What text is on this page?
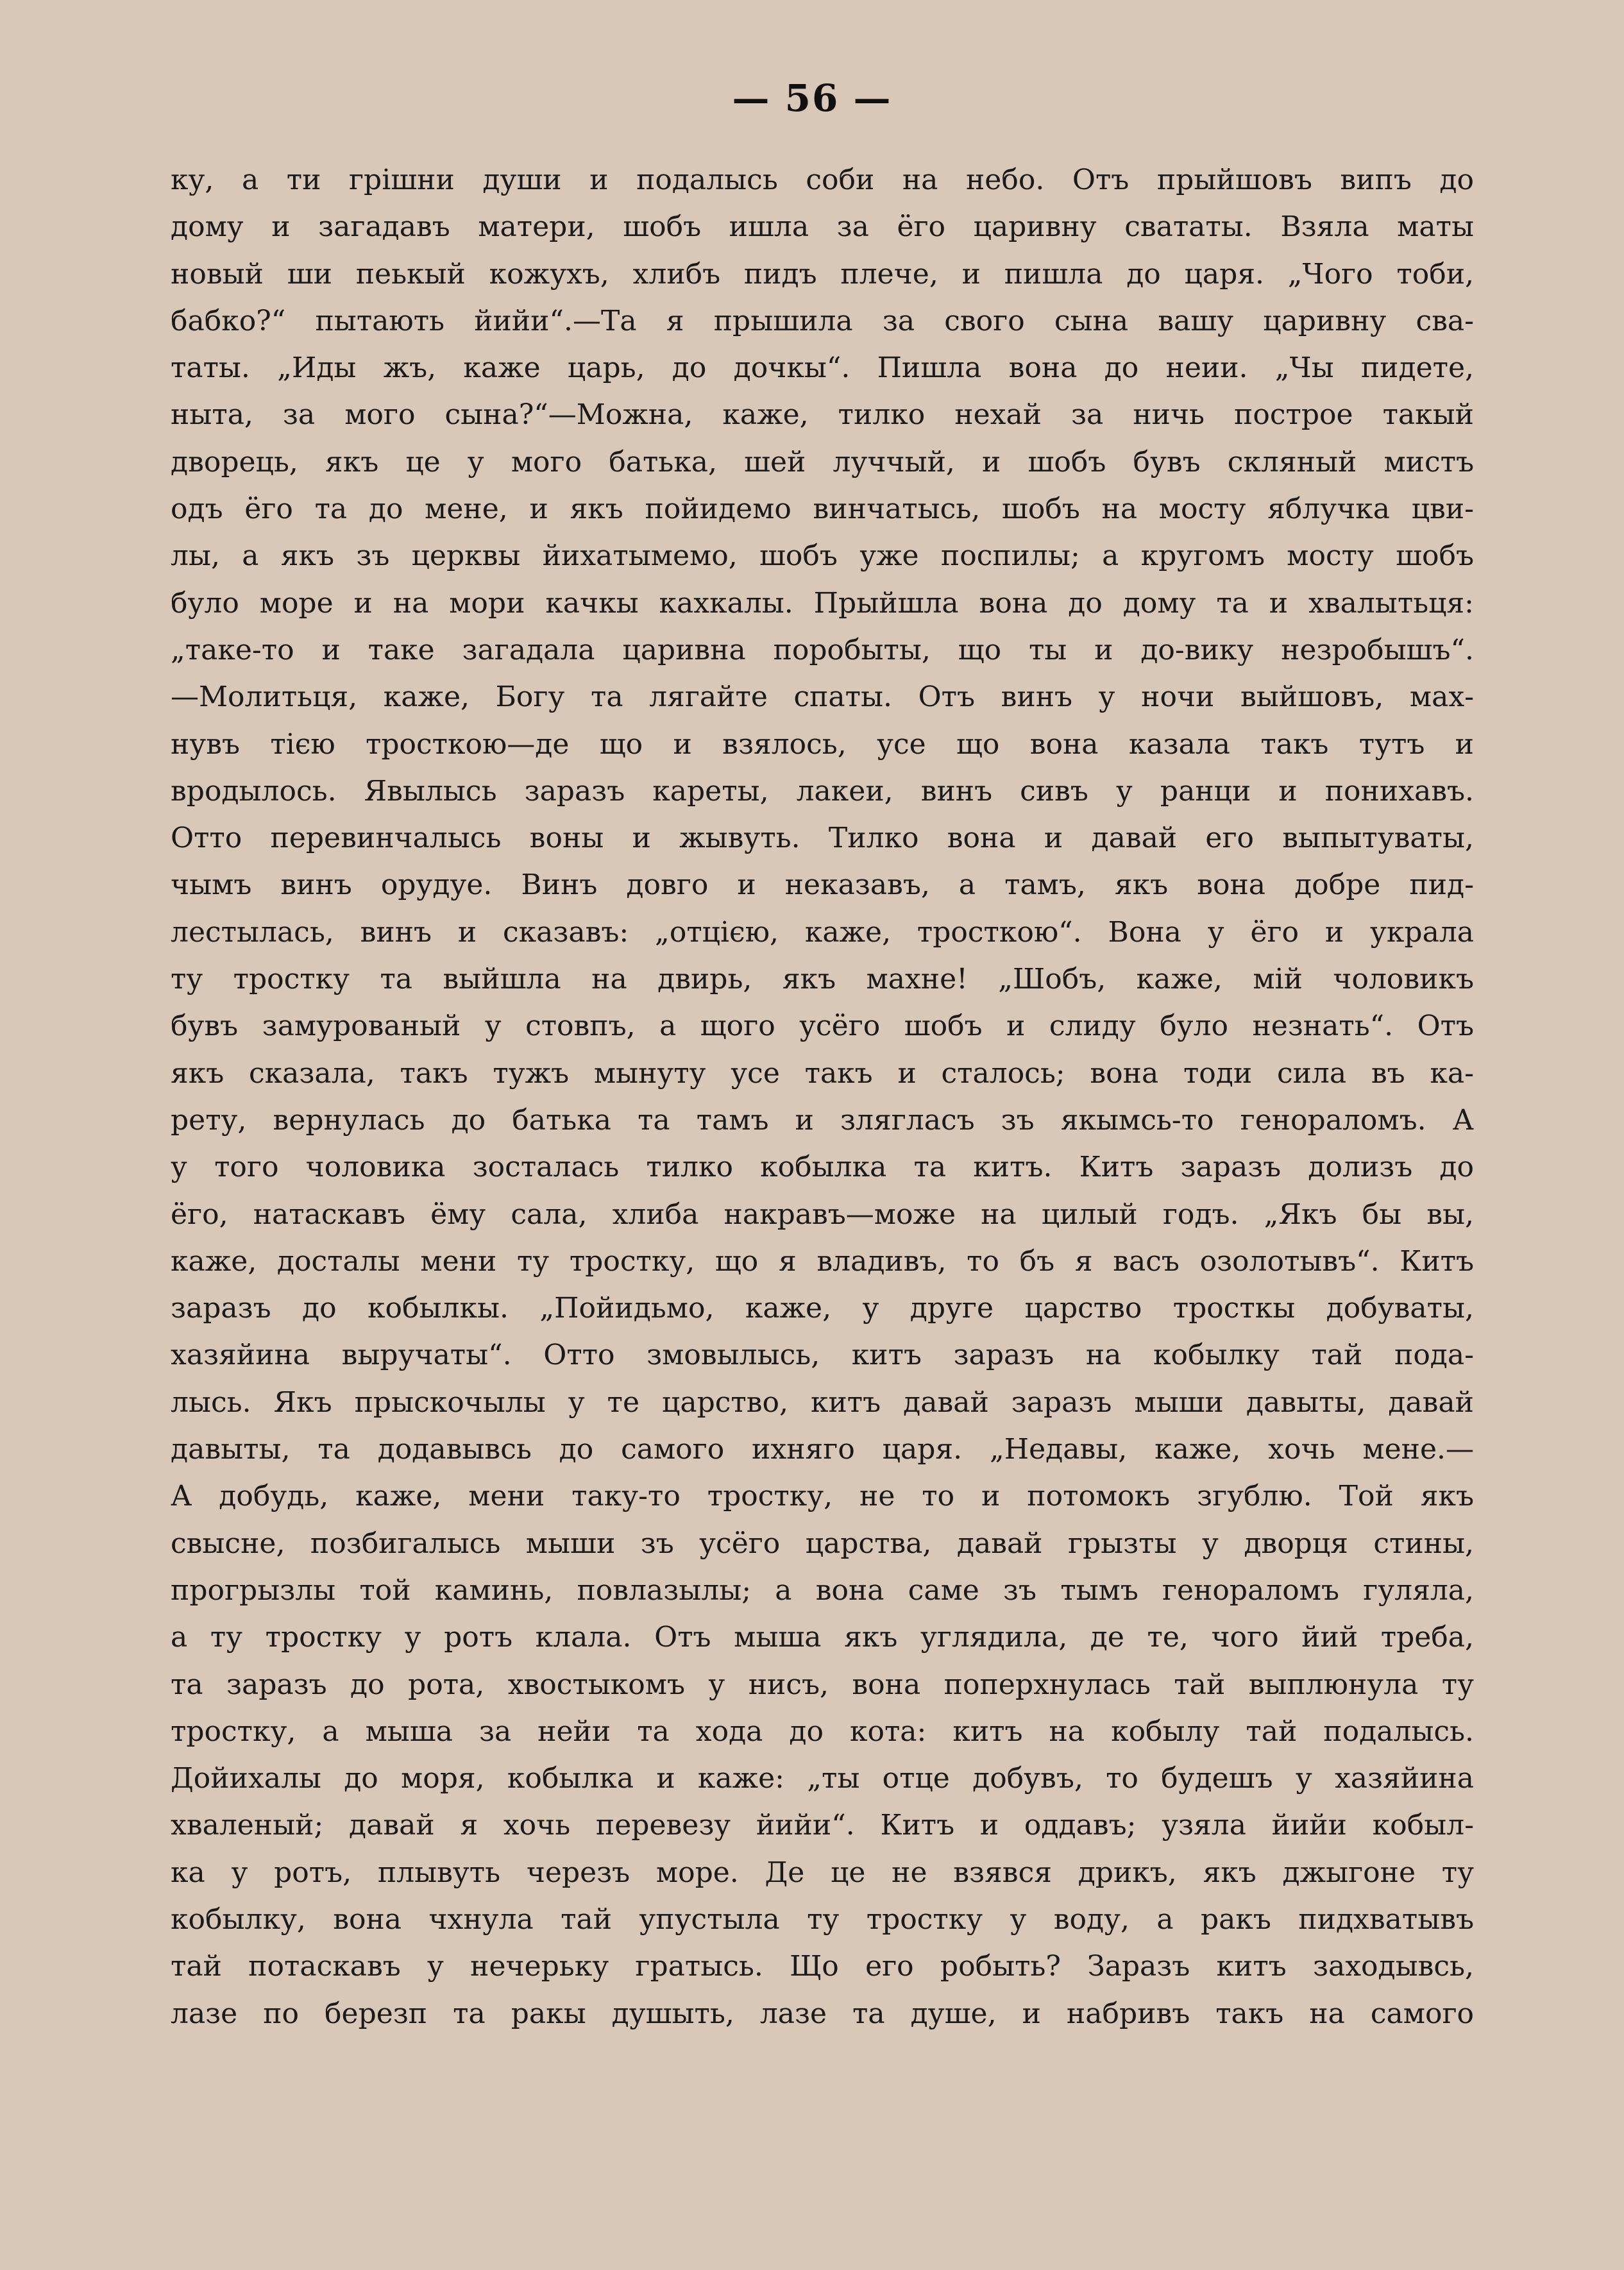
— 56 —
ку, а ти грішни души и подалысь соби на небо. Отъ прыйшовъ випъ до
дому и загадавъ матери, шобъ ишла за ёго царивну свататы. Взяла маты
новый ши пеькый кожухъ, хлибъ пидъ плече, и пишла до царя. „Чого тоби,
бабко?“ пытають йийи“.—Та я прышила за свого сына вашу царивну сва-
таты. „Иды жъ, каже царь, до дочкы“. Пишла вона до неии. „Чы пидете,
ныта, за мого сына?“—Можна, каже, тилко нехай за ничь построе такый
дворець, якъ це у мого батька, шей луччый, и шобъ бувъ скляный мистъ
одъ ёго та до мене, и якъ пойидемо винчатысь, шобъ на мосту яблучка цви-
лы, а якъ зъ церквы йихатымемо, шобъ уже поспилы; а кругомъ мосту шобъ
було море и на мори качкы кахкалы. Прыйшла вона до дому та и хвалытьця:
„таке-то и таке загадала царивна поробыты, що ты и до-вику незробышъ“.
—Молитьця, каже, Богу та лягайте спаты. Отъ винъ у ночи выйшовъ, мах-
нувъ тією тросткою—де що и взялось, усе що вона казала такъ тутъ и
вродылось. Явылысь заразъ кареты, лакеи, винъ сивъ у ранци и понихавъ.
Отто перевинчалысь воны и жывуть. Тилко вона и давай его выпытуваты,
чымъ винъ орудуе. Винъ довго и неказавъ, а тамъ, якъ вона добре пид-
лестылась, винъ и сказавъ: „отцією, каже, тросткою“. Вона у ёго и украла
ту тростку та выйшла на двирь, якъ махне! „Шобъ, каже, мій чоловикъ
бувъ замурованый у стовпъ, а щого усёго шобъ и слиду було незнать“. Отъ
якъ сказала, такъ тужъ мынуту усе такъ и сталось; вона тоди сила въ ка-
рету, вернулась до батька та тамъ и злягласъ зъ якымсь-то генораломъ. А
у того чоловика зосталась тилко кобылка та китъ. Китъ заразъ долизъ до
ёго, натаскавъ ёму сала, хлиба накравъ—може на цилый годъ. „Якъ бы вы,
каже, досталы мени ту тростку, що я владивъ, то бъ я васъ озолотывъ“. Китъ
заразъ до кобылкы. „Пойидьмо, каже, у друге царство тросткы добуваты,
хазяйина выручаты“. Отто змовылысь, китъ заразъ на кобылку тай пода-
лысь. Якъ прыскочылы у те царство, китъ давай заразъ мыши давыты, давай
давыты, та додавывсь до самого ихняго царя. „Недавы, каже, хочь мене.—
А добудь, каже, мени таку-то тростку, не то и потомокъ згублю. Той якъ
свысне, позбигалысь мыши зъ усёго царства, давай грызты у дворця стины,
прогрызлы той каминь, повлазылы; а вона саме зъ тымъ генораломъ гуляла,
а ту тростку у ротъ клала. Отъ мыша якъ углядила, де те, чого йий треба,
та заразъ до рота, хвостыкомъ у нисъ, вона поперхнулась тай выплюнула ту
тростку, а мыша за нейи та хода до кота: китъ на кобылу тай подалысь.
Дойихалы до моря, кобылка и каже: „ты отце добувъ, то будешъ у хазяйина
хваленый; давай я хочь перевезу йийи“. Китъ и оддавъ; узяла йийи кобыл-
ка у ротъ, плывуть черезъ море. Де це не взявся дрикъ, якъ джыгоне ту
кобылку, вона чхнула тай упустыла ту тростку у воду, а ракъ пидхватывъ
тай потаскавъ у нечерьку гратысь. Що его робыть? Заразъ китъ заходывсь,
лазе по березп та ракы душыть, лазе та душе, и набривъ такъ на самого
